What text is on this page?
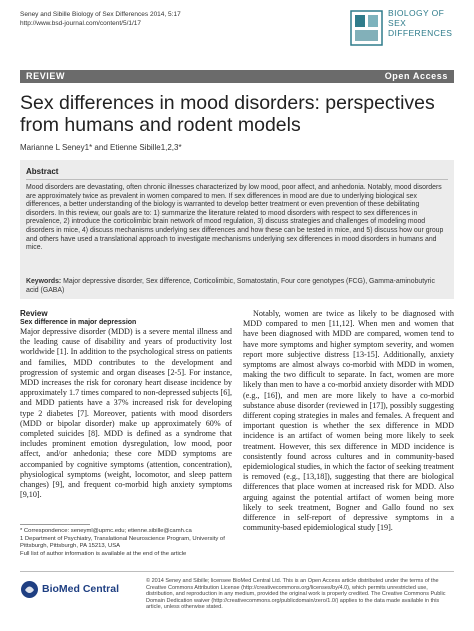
Seney and Sibille Biology of Sex Differences 2014, 5:17
http://www.bsd-journal.com/content/5/1/17
BIOLOGY OF
SEX
DIFFERENCES
REVIEW	Open Access
Sex differences in mood disorders: perspectives from humans and rodent models
Marianne L Seney1* and Etienne Sibille1,2,3*
Abstract
Mood disorders are devastating, often chronic illnesses characterized by low mood, poor affect, and anhedonia. Notably, mood disorders are approximately twice as prevalent in women compared to men. If sex differences in mood are due to underlying biological sex differences, a better understanding of the biology is warranted to develop better treatment or even prevention of these debilitating disorders. In this review, our goals are to: 1) summarize the literature related to mood disorders with respect to sex differences in prevalence, 2) introduce the corticolimbic brain network of mood regulation, 3) discuss strategies and challenges of modeling mood disorders in mice, 4) discuss mechanisms underlying sex differences and how these can be tested in mice, and 5) discuss how our group and others have used a translational approach to investigate mechanisms underlying sex differences in mood disorders in humans and mice.
Keywords: Major depressive disorder, Sex difference, Corticolimbic, Somatostatin, Four core genotypes (FCG), Gamma-aminobutyric acid (GABA)
Review
Sex difference in major depression
Major depressive disorder (MDD) is a severe mental illness and the leading cause of disability and years of productivity lost worldwide [1]. In addition to the psychological stress on patients and families, MDD contributes to the development and progression of systemic and organ diseases [2-5]. For instance, MDD increases the risk for coronary heart disease incidence by approximately 1.7 times compared to non-depressed subjects [6], and MDD patients have a 37% increased risk for developing type 2 diabetes [7]. Moreover, patients with mood disorders (MDD or bipolar disorder) make up approximately 60% of completed suicides [8]. MDD is defined as a syndrome that includes prominent emotion dysregulation, low mood, poor affect, and/or anhedonia; these core MDD symptoms are accompanied by cognitive symptoms (attention, concentration), physiological symptoms (weight, locomotor, and sleep pattern changes) [9], and frequent co-morbid high anxiety symptoms [9,10].
* Correspondence: seneyml@upmc.edu; etienne.sibille@camh.ca
1 Department of Psychiatry, Translational Neuroscience Program, University of Pittsburgh, Pittsburgh, PA 15213, USA
Full list of author information is available at the end of the article
Notably, women are twice as likely to be diagnosed with MDD compared to men [11,12]. When men and women that have been diagnosed with MDD are compared, women tend to have more symptoms and higher symptom severity, and women report more subjective distress [13-15]. Additionally, anxiety symptoms are almost always co-morbid with MDD in women, making the two difficult to separate. In fact, women are more likely than men to have a co-morbid anxiety disorder with MDD (e.g., [16]), and men are more likely to have a co-morbid substance abuse disorder (reviewed in [17]), possibly suggesting different coping strategies in males and females. A frequent and important question is whether the sex difference in MDD incidence is an artifact of women being more likely to seek treatment. However, this sex difference in MDD incidence is consistently found across cultures and in community-based epidemiological studies, in which the factor of seeking treatment is removed (e.g., [13,18]), suggesting that there are biological differences that place women at increased risk for MDD. Also arguing against the potential artifact of women being more likely to seek treatment, Bogner and Gallo found no sex difference in self-report of depressive symptoms in a community-based epidemiological study [19].
BioMed Central
© 2014 Seney and Sibille; licensee BioMed Central Ltd. This is an Open Access article distributed under the terms of the Creative Commons Attribution License (http://creativecommons.org/licenses/by/4.0), which permits unrestricted use, distribution, and reproduction in any medium, provided the original work is properly credited. The Creative Commons Public Domain Dedication waiver (http://creativecommons.org/publicdomain/zero/1.0/) applies to the data made available in this article, unless otherwise stated.
